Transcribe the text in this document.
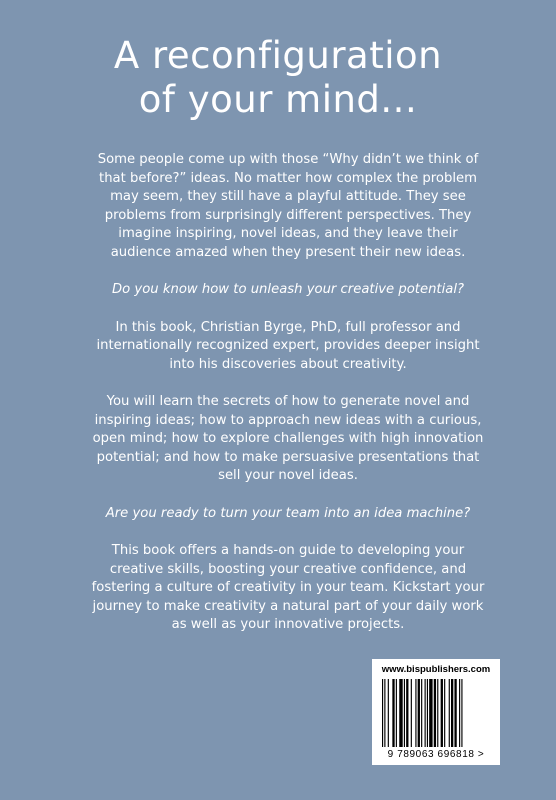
A reconfiguration
of your mind...

Some people come up with those “Why didn’t we think of that before?” ideas. No matter how complex the problem may seem, they still have a playful attitude. They see problems from surprisingly different perspectives. They imagine inspiring, novel ideas, and they leave their audience amazed when they present their new ideas.

Do you know how to unleash your creative potential?

In this book, Christian Byrge, PhD, full professor and internationally recognized expert, provides deeper insight into his discoveries about creativity.

You will learn the secrets of how to generate novel and inspiring ideas; how to approach new ideas with a curious, open mind; how to explore challenges with high innovation potential; and how to make persuasive presentations that sell your novel ideas.

Are you ready to turn your team into an idea machine?

This book offers a hands-on guide to developing your creative skills, boosting your creative confidence, and fostering a culture of creativity in your team. Kickstart your journey to make creativity a natural part of your daily work as well as your innovative projects.

www.bispublishers.com
9 789063 696818 >
